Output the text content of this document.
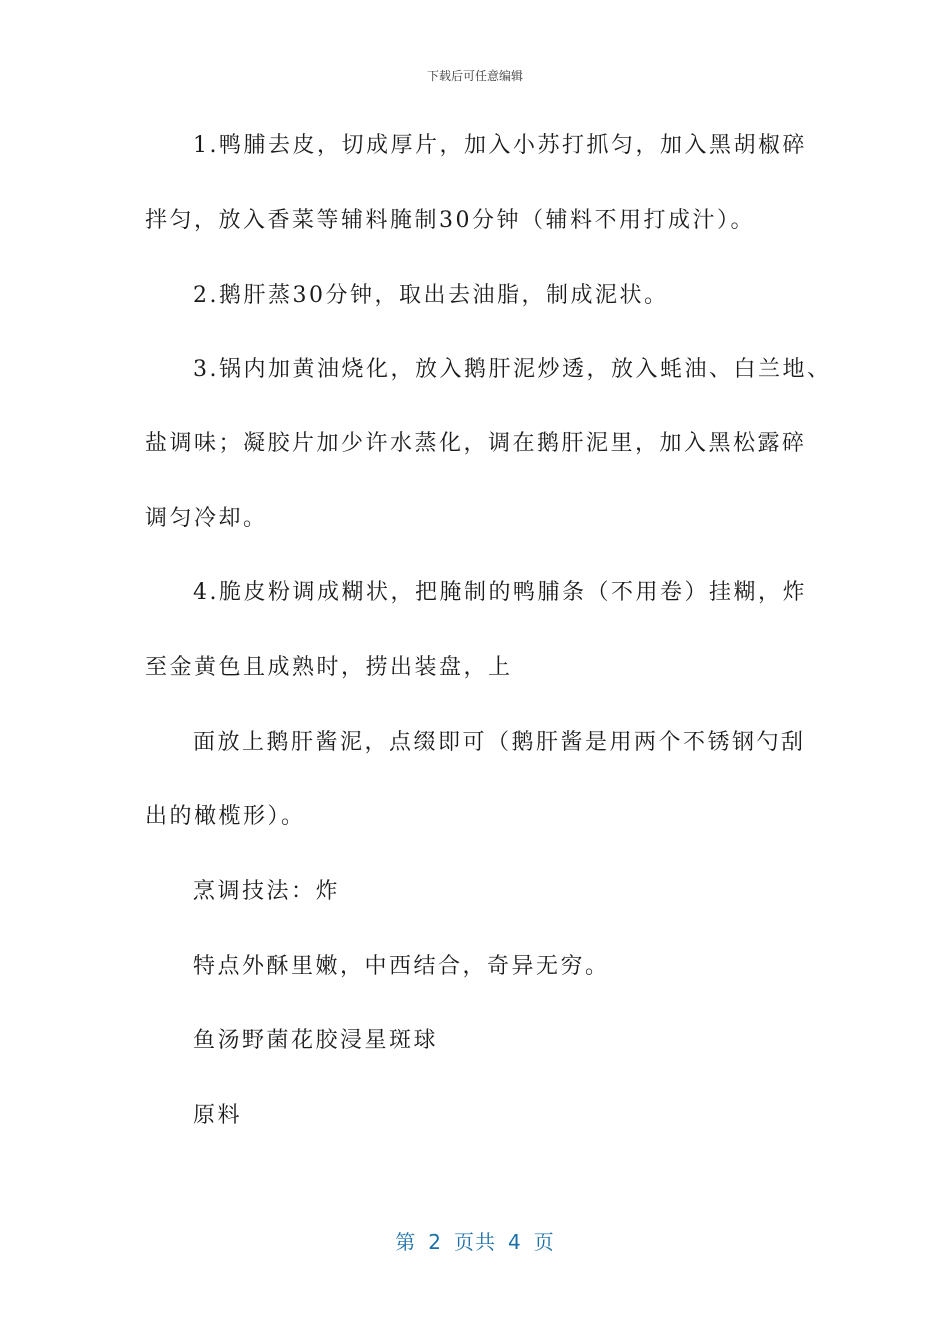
下载后可任意编辑
1.鸭脯去皮，切成厚片，加入小苏打抓匀，加入黑胡椒碎
拌匀，放入香菜等辅料腌制30分钟（辅料不用打成汁）。
2.鹅肝蒸30分钟，取出去油脂，制成泥状。
3.锅内加黄油烧化，放入鹅肝泥炒透，放入蚝油、白兰地、
盐调味；凝胶片加少许水蒸化，调在鹅肝泥里，加入黑松露碎
调匀冷却。
4.脆皮粉调成糊状，把腌制的鸭脯条（不用卷）挂糊，炸
至金黄色且成熟时，捞出装盘，上
面放上鹅肝酱泥，点缀即可（鹅肝酱是用两个不锈钢勺刮
出的橄榄形）。
烹调技法：炸
特点外酥里嫩，中西结合，奇异无穷。
鱼汤野菌花胶浸星斑球
原料
第 2 页共 4 页
